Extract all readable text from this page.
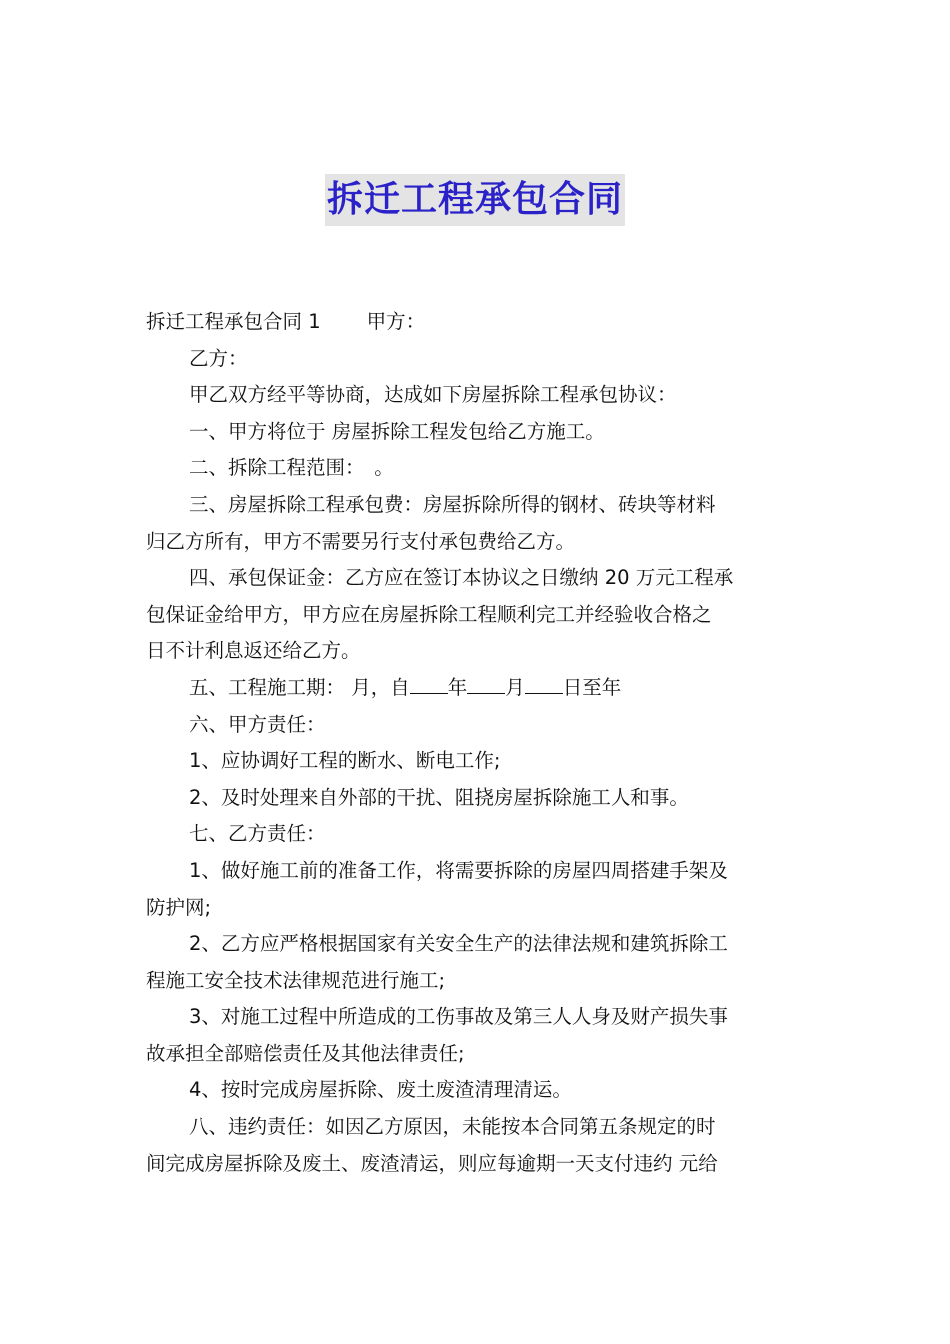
拆迁工程承包合同

拆迁工程承包合同 1 甲方：

乙方：

甲乙双方经平等协商，达成如下房屋拆除工程承包协议：

一、甲方将位于 房屋拆除工程发包给乙方施工。

二、拆除工程范围：　。

三、房屋拆除工程承包费：房屋拆除所得的钢材、砖块等材料

归乙方所有，甲方不需要另行支付承包费给乙方。

四、承包保证金：乙方应在签订本协议之日缴纳 20 万元工程承

包保证金给甲方，甲方应在房屋拆除工程顺利完工并经验收合格之

日不计利息返还给乙方。

五、工程施工期： 月，自 年 月 日至年

六、甲方责任：

1、应协调好工程的断水、断电工作;

2、及时处理来自外部的干扰、阻挠房屋拆除施工人和事。

七、乙方责任：

1、做好施工前的准备工作，将需要拆除的房屋四周搭建手架及

防护网;

2、乙方应严格根据国家有关安全生产的法律法规和建筑拆除工

程施工安全技术法律规范进行施工;

3、对施工过程中所造成的工伤事故及第三人人身及财产损失事

故承担全部赔偿责任及其他法律责任;

4、按时完成房屋拆除、废土废渣清理清运。

八、违约责任：如因乙方原因，未能按本合同第五条规定的时

间完成房屋拆除及废土、废渣清运，则应每逾期一天支付违约 元给
